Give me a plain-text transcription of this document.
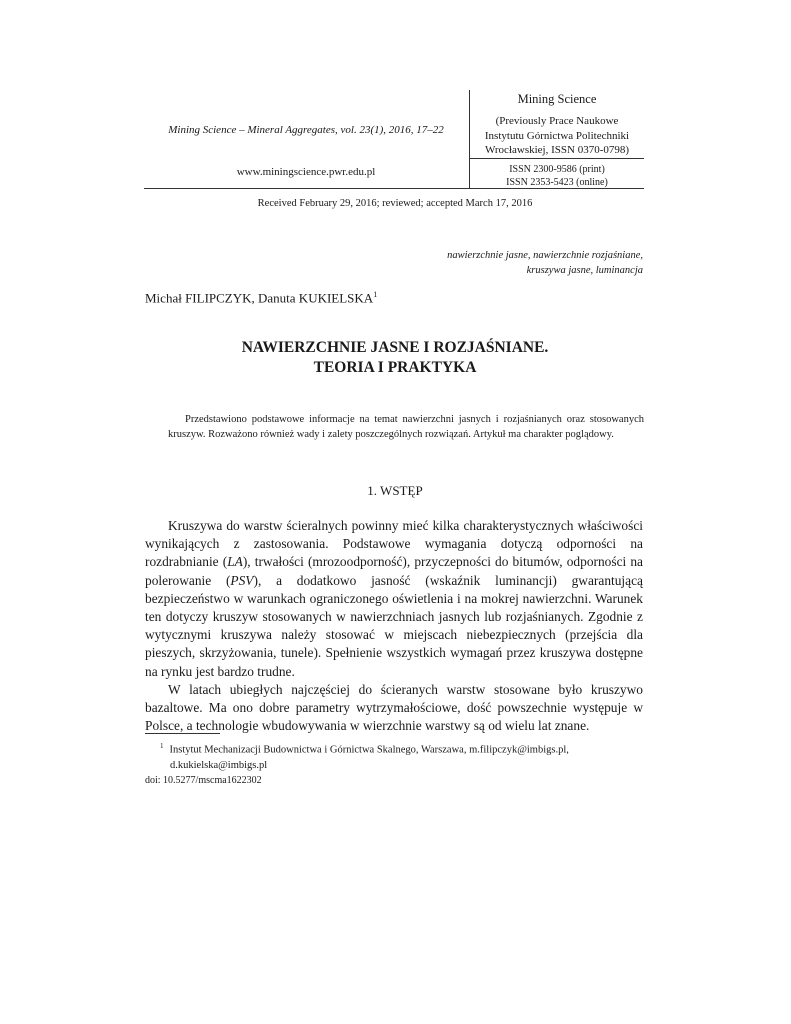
Mining Science – Mineral Aggregates, vol. 23(1), 2016, 17–22
www.miningscience.pwr.edu.pl
Mining Science
(Previously Prace Naukowe
Instytutu Górnictwa Politechniki
Wrocławskiej, ISSN 0370-0798)
ISSN 2300-9586 (print)
ISSN 2353-5423 (online)
Received February 29, 2016; reviewed; accepted March 17, 2016
nawierzchnie jasne, nawierzchnie rozjaśniane,
kruszywa jasne, luminancja
Michał FILIPCZYK, Danuta KUKIELSKA$^1$
NAWIERZCHNIE JASNE I ROZJAŚNIANE.
TEORIA I PRAKTYKA
Przedstawiono podstawowe informacje na temat nawierzchni jasnych i rozjaśnianych oraz stosowanych kruszyw. Rozważono również wady i zalety poszczególnych rozwiązań. Artykuł ma charakter poglądowy.
1. WSTĘP

Kruszywa do warstw ścieralnych powinny mieć kilka charakterystycznych właściwości wynikających z zastosowania. Podstawowe wymagania dotyczą odporności na rozdrabnianie (LA), trwałości (mrozoodporność), przyczepności do bitumów, odporności na polerowanie (PSV), a dodatkowo jasność (wskaźnik luminancji) gwarantującą bezpieczeństwo w warunkach ograniczonego oświetlenia i na mokrej nawierzchni. Warunek ten dotyczy kruszyw stosowanych w nawierzchniach jasnych lub rozjaśnianych. Zgodnie z wytycznymi kruszywa należy stosować w miejscach niebezpiecznych (przejścia dla pieszych, skrzyżowania, tunele). Spełnienie wszystkich wymagań przez kruszywa dostępne na rynku jest bardzo trudne.

W latach ubiegłych najczęściej do ścieranych warstw stosowane było kruszywo bazaltowe. Ma ono dobre parametry wytrzymałościowe, dość powszechnie występuje w Polsce, a technologie wbudowywania w wierzchnie warstwy są od wielu lat znane.

$^1$ Instytut Mechanizacji Budownictwa i Górnictwa Skalnego, Warszawa, m.filipczyk@imbigs.pl,
d.kukielska@imbigs.pl
doi: 10.5277/mscma1622302
